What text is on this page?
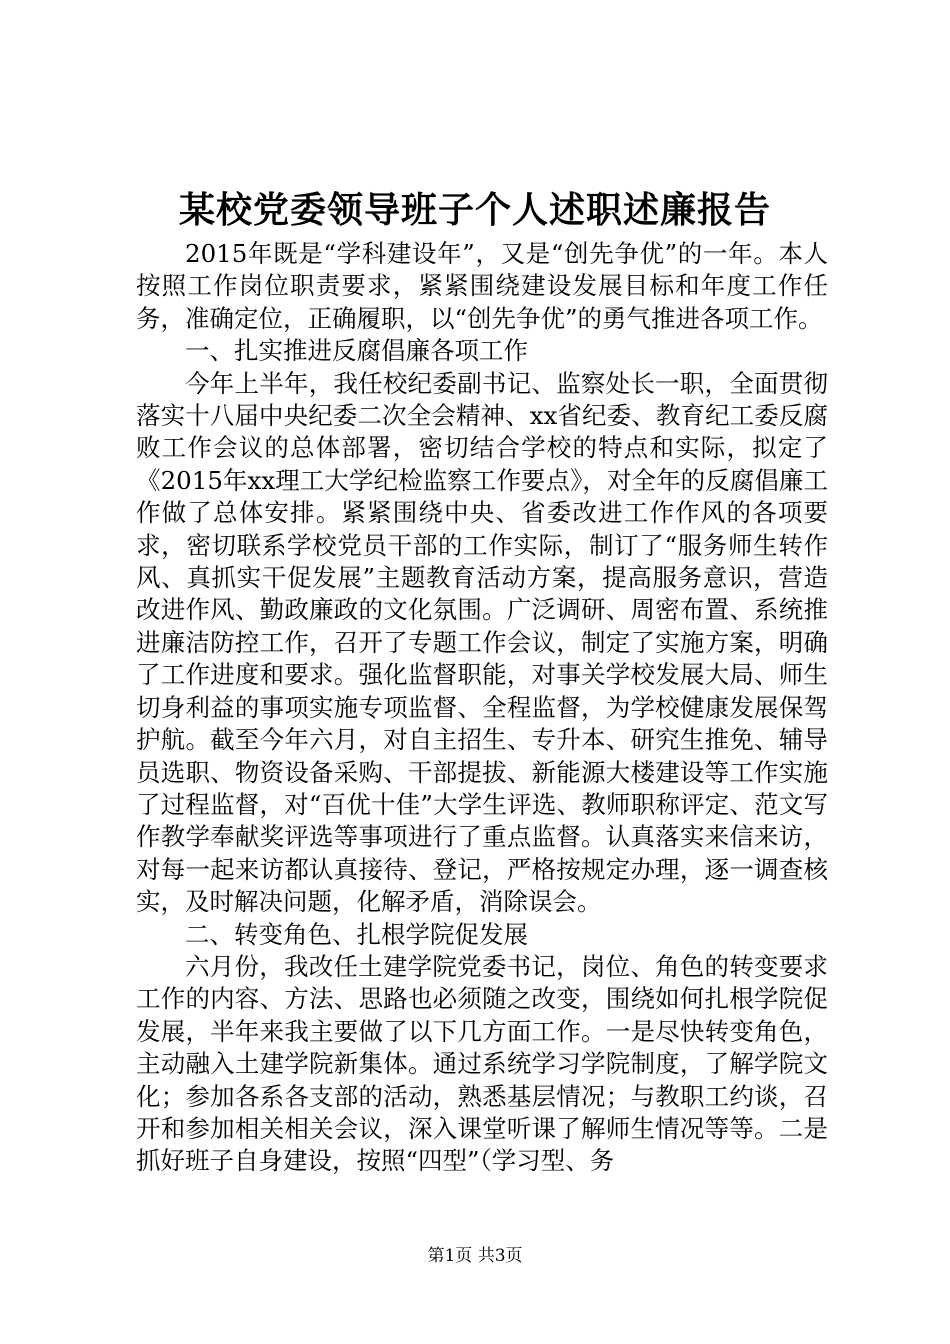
某校党委领导班子个人述职述廉报告

2015年既是“学科建设年”，又是“创先争优”的一年。本人按照工作岗位职责要求，紧紧围绕建设发展目标和年度工作任务，准确定位，正确履职，以“创先争优”的勇气推进各项工作。

一、扎实推进反腐倡廉各项工作

今年上半年，我任校纪委副书记、监察处长一职，全面贯彻落实十八届中央纪委二次全会精神、xx省纪委、教育纪工委反腐败工作会议的总体部署，密切结合学校的特点和实际，拟定了《2015年xx理工大学纪检监察工作要点》，对全年的反腐倡廉工作做了总体安排。紧紧围绕中央、省委改进工作作风的各项要求，密切联系学校党员干部的工作实际，制订了“服务师生转作风、真抓实干促发展”主题教育活动方案，提高服务意识，营造改进作风、勤政廉政的文化氛围。广泛调研、周密布置、系统推进廉洁防控工作，召开了专题工作会议，制定了实施方案，明确了工作进度和要求。强化监督职能，对事关学校发展大局、师生切身利益的事项实施专项监督、全程监督，为学校健康发展保驾护航。截至今年六月，对自主招生、专升本、研究生推免、辅导员选职、物资设备采购、干部提拔、新能源大楼建设等工作实施了过程监督，对“百优十佳”大学生评选、教师职称评定、范文写作教学奉献奖评选等事项进行了重点监督。认真落实来信来访，对每一起来访都认真接待、登记，严格按规定办理，逐一调查核实，及时解决问题，化解矛盾，消除误会。

二、转变角色、扎根学院促发展

六月份，我改任土建学院党委书记，岗位、角色的转变要求工作的内容、方法、思路也必须随之改变，围绕如何扎根学院促发展，半年来我主要做了以下几方面工作。一是尽快转变角色，主动融入土建学院新集体。通过系统学习学院制度，了解学院文化；参加各系各支部的活动，熟悉基层情况；与教职工约谈，召开和参加相关相关会议，深入课堂听课了解师生情况等等。二是抓好班子自身建设，按照“四型”（学习型、务

第1页 共3页
